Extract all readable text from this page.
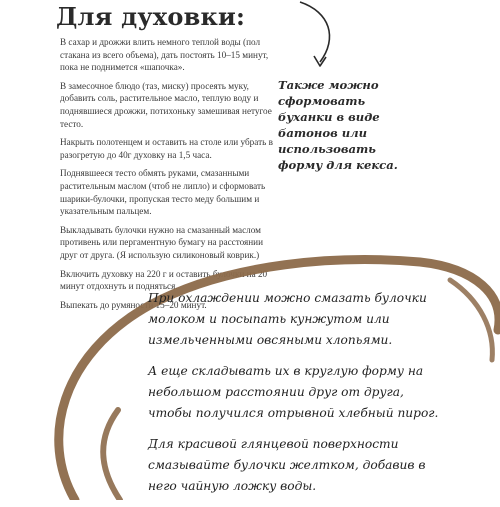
Для духовки:

В сахар и дрожжи влить немного теплой воды (пол стакана из всего объема), дать постоять 10–15 минут, пока не поднимется «шапочка».

В замесочное блюдо (таз, миску) просеять муку, добавить соль, растительное масло, теплую воду и поднявшиеся дрожжи, потихоньку замешивая нетугое тесто.

Накрыть полотенцем и оставить на столе или убрать в разогретую до 40г духовку на 1,5 часа.

Поднявшееся тесто обмять руками, смазанными растительным маслом (чтоб не липло) и сформовать шарики-булочки, пропуская тесто меду большим и указательным пальцем.

Выкладывать булочки нужно на смазанный маслом противень или пергаментную бумагу на расстоянии друг от друга. (Я использую силиконовый коврик.)

Включить духовку на 220 г и оставить булочки на 20 минут отдохнуть и подняться.

Выпекать до румяности 15–20 минут.

Также можно сформовать буханки в виде батонов или использовать форму для кекса.

При охлаждении можно смазать булочки молоком и посыпать кунжутом или измельченными овсяными хлопьями.

А еще складывать их в круглую форму на небольшом расстоянии друг от друга, чтобы получился отрывной хлебный пирог.

Для красивой глянцевой поверхности смазывайте булочки желтком, добавив в него чайную ложку воды.
